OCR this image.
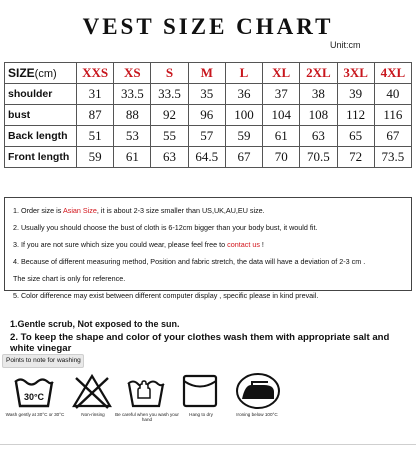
VEST SIZE CHART
Unit:cm
SIZE(cm)	XXS	XS	S	M	L	XL	2XL	3XL	4XL
shoulder	31	33.5	33.5	35	36	37	38	39	40
bust	87	88	92	96	100	104	108	112	116
Back length	51	53	55	57	59	61	63	65	67
Front length	59	61	63	64.5	67	70	70.5	72	73.5
1. Order size is Asian Size, it is about 2-3 size smaller than US,UK,AU,EU size.
2. Usually you should choose the bust of cloth is 6-12cm bigger than your body bust, it would fit.
3. If you are not sure which size you could wear, please feel free to contact us !
4. Because of different measuring method, Position and fabric stretch, the data will have a deviation of 2-3 cm .
The size chart is only for reference.
5. Color difference may exist between different computer display , specific please in kind prevail.
1.Gentle scrub, Not exposed to the sun.
2. To keep the shape and color of your clothes wash them with appropriate salt and white vinegar
Points to note for washing
30°C
Wash gently at 30°C or 30°C	Non-rinsing	Be careful when you wash your hand
Hang to dry	Ironing below 100°C
